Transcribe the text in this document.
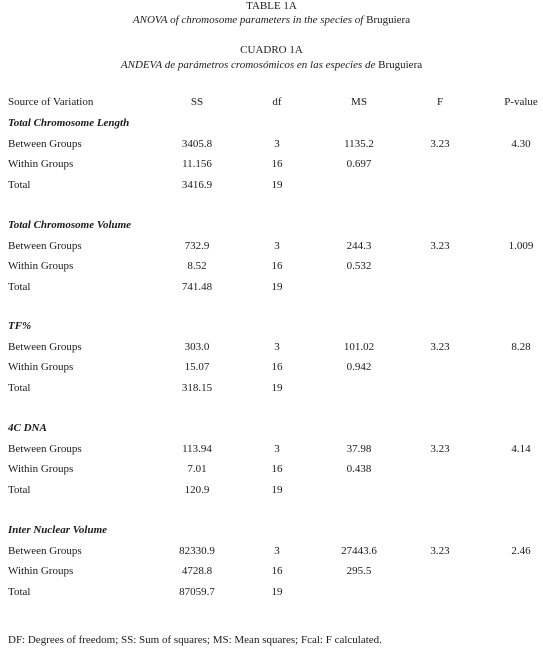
TABLE 1A
ANOVA of chromosome parameters in the species of Bruguiera
CUADRO 1A
ANDEVA de parámetros cromosómicos en las especies de Bruguiera
Source of Variation	SS	df	MS	F	P-value
Total Chromosome Length
Between Groups	3405.8	3	1135.2	3.23	4.30
Within Groups	11.156	16	0.697
Total	3416.9	19
Total Chromosome Volume
Between Groups	732.9	3	244.3	3.23	1.009
Within Groups	8.52	16	0.532
Total	741.48	19
TF%
Between Groups	303.0	3	101.02	3.23	8.28
Within Groups	15.07	16	0.942
Total	318.15	19
4C DNA
Between Groups	113.94	3	37.98	3.23	4.14
Within Groups	7.01	16	0.438
Total	120.9	19
Inter Nuclear Volume
Between Groups	82330.9	3	27443.6	3.23	2.46
Within Groups	4728.8	16	295.5
Total	87059.7	19
DF: Degrees of freedom; SS: Sum of squares; MS: Mean squares; Fcal: F calculated.
